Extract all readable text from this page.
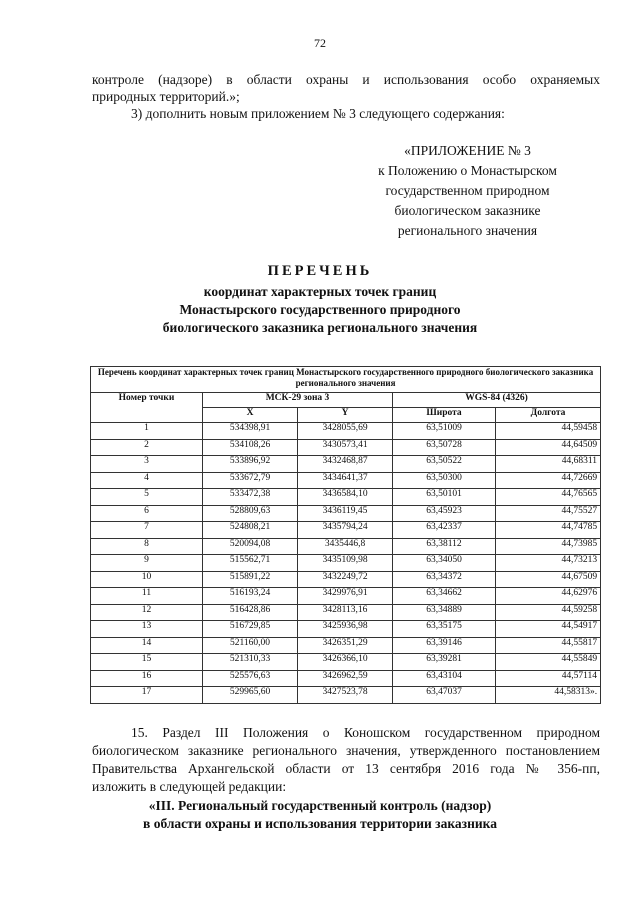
72
контроле (надзоре) в области охраны и использования особо охраняемых
природных территорий.»;
3) дополнить новым приложением № 3 следующего содержания:
«ПРИЛОЖЕНИЕ № 3
к Положению о Монастырском
государственном природном
биологическом заказнике
регионального значения
ПЕРЕЧЕНЬ
координат характерных точек границ
Монастырского государственного природного
биологического заказника регионального значения
Перечень координат характерных точек границ Монастырского государственного природного биологического заказника регионального значения				
Номер точки	МСК-29 зона 3		WGS-84 (4326)	
	X	Y	Широта	Долгота
1	534398,91	3428055,69	63,51009	44,59458
2	534108,26	3430573,41	63,50728	44,64509
3	533896,92	3432468,87	63,50522	44,68311
4	533672,79	3434641,37	63,50300	44,72669
5	533472,38	3436584,10	63,50101	44,76565
6	528809,63	3436119,45	63,45923	44,75527
7	524808,21	3435794,24	63,42337	44,74785
8	520094,08	3435446,8	63,38112	44,73985
9	515562,71	3435109,98	63,34050	44,73213
10	515891,22	3432249,72	63,34372	44,67509
11	516193,24	3429976,91	63,34662	44,62976
12	516428,86	3428113,16	63,34889	44,59258
13	516729,85	3425936,98	63,35175	44,54917
14	521160,00	3426351,29	63,39146	44,55817
15	521310,33	3426366,10	63,39281	44,55849
16	525576,63	3426962,59	63,43104	44,57114
17	529965,60	3427523,78	63,47037	44,58313».
15. Раздел III Положения о Коношском государственном природном
биологическом заказнике регионального значения, утвержденного постановлением
Правительства Архангельской области от 13 сентября 2016 года № 356-пп,
изложить в следующей редакции:
«III. Региональный государственный контроль (надзор)
в области охраны и использования территории заказника
